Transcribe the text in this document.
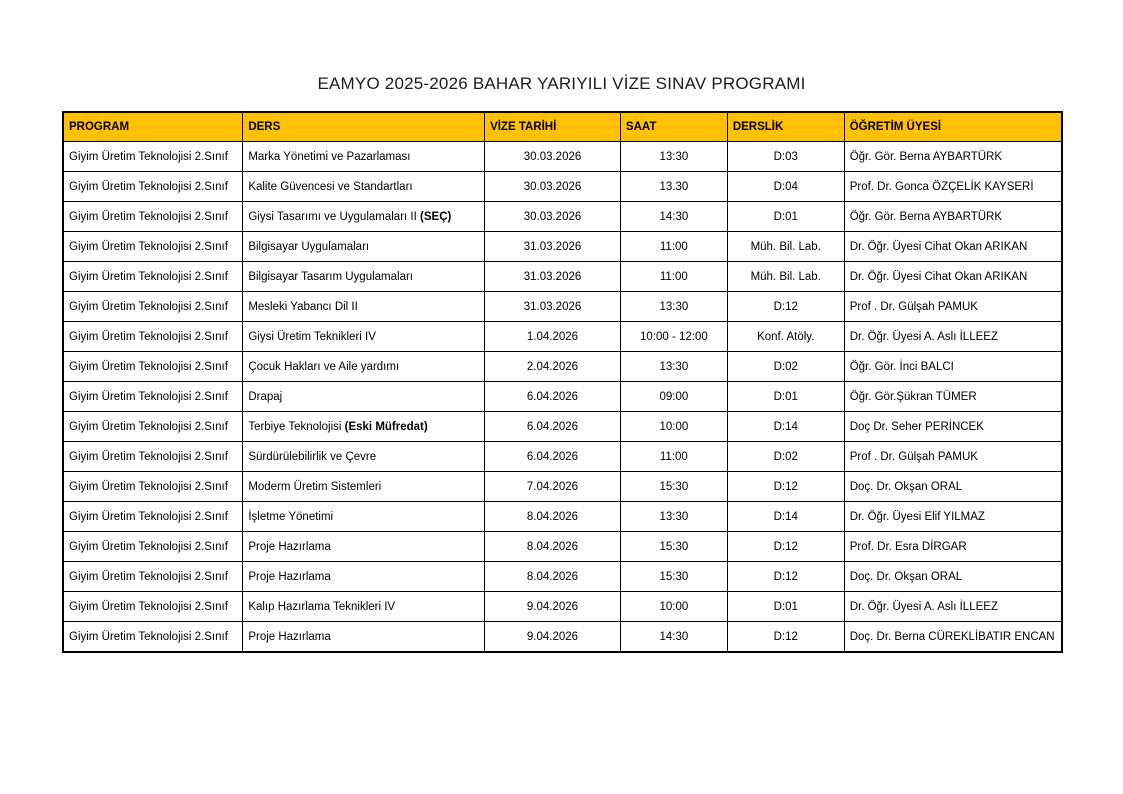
EAMYO 2025-2026 BAHAR YARIYILI VİZE SINAV PROGRAMI
PROGRAM	DERS	VİZE TARİHİ	SAAT	DERSLİK	ÖĞRETİM ÜYESİ
Giyim Üretim Teknolojisi 2.Sınıf	Marka Yönetimi ve Pazarlaması	30.03.2026	13:30	D:03	Öğr. Gör. Berna AYBARTÜRK
Giyim Üretim Teknolojisi 2.Sınıf	Kalite Güvencesi ve Standartları	30.03.2026	13.30	D:04	Prof. Dr. Gonca ÖZÇELİK KAYSERİ
Giyim Üretim Teknolojisi 2.Sınıf	Giysi Tasarımı ve Uygulamaları II (SEÇ)	30.03.2026	14:30	D:01	Öğr. Gör. Berna AYBARTÜRK
Giyim Üretim Teknolojisi 2.Sınıf	Bilgisayar Uygulamaları	31.03.2026	11:00	Müh. Bil. Lab.	Dr. Öğr. Üyesi Cihat Okan ARIKAN
Giyim Üretim Teknolojisi 2.Sınıf	Bilgisayar Tasarım Uygulamaları	31.03.2026	11:00	Müh. Bil. Lab.	Dr. Öğr. Üyesi Cihat Okan ARIKAN
Giyim Üretim Teknolojisi 2.Sınıf	Mesleki Yabancı Dil II	31.03.2026	13:30	D:12	Prof . Dr. Gülşah PAMUK
Giyim Üretim Teknolojisi 2.Sınıf	Giysi Üretim Teknikleri IV	1.04.2026	10:00 - 12:00	Konf. Atöly.	Dr. Öğr. Üyesi A. Aslı İLLEEZ
Giyim Üretim Teknolojisi 2.Sınıf	Çocuk Hakları ve Aile yardımı	2.04.2026	13:30	D:02	Öğr. Gör. İnci BALCI
Giyim Üretim Teknolojisi 2.Sınıf	Drapaj	6.04.2026	09:00	D:01	Öğr. Gör.Şükran TÜMER
Giyim Üretim Teknolojisi 2.Sınıf	Terbiye Teknolojisi (Eski Müfredat)	6.04.2026	10:00	D:14	Doç Dr. Seher PERİNCEK
Giyim Üretim Teknolojisi 2.Sınıf	Sürdürülebilirlik ve Çevre	6.04.2026	11:00	D:02	Prof . Dr. Gülşah PAMUK
Giyim Üretim Teknolojisi 2.Sınıf	Moderm Üretim Sistemleri	7.04.2026	15:30	D:12	Doç. Dr. Okşan ORAL
Giyim Üretim Teknolojisi 2.Sınıf	İşletme Yönetimi	8.04.2026	13:30	D:14	Dr. Öğr. Üyesi Elif YILMAZ
Giyim Üretim Teknolojisi 2.Sınıf	Proje Hazırlama	8.04.2026	15:30	D:12	Prof. Dr. Esra DİRGAR
Giyim Üretim Teknolojisi 2.Sınıf	Proje Hazırlama	8.04.2026	15:30	D:12	Doç. Dr. Okşan ORAL
Giyim Üretim Teknolojisi 2.Sınıf	Kalıp Hazırlama Teknikleri IV	9.04.2026	10:00	D:01	Dr. Öğr. Üyesi A. Aslı İLLEEZ
Giyim Üretim Teknolojisi 2.Sınıf	Proje Hazırlama	9.04.2026	14:30	D:12	Doç. Dr. Berna CÜREKLİBATIR ENCAN
